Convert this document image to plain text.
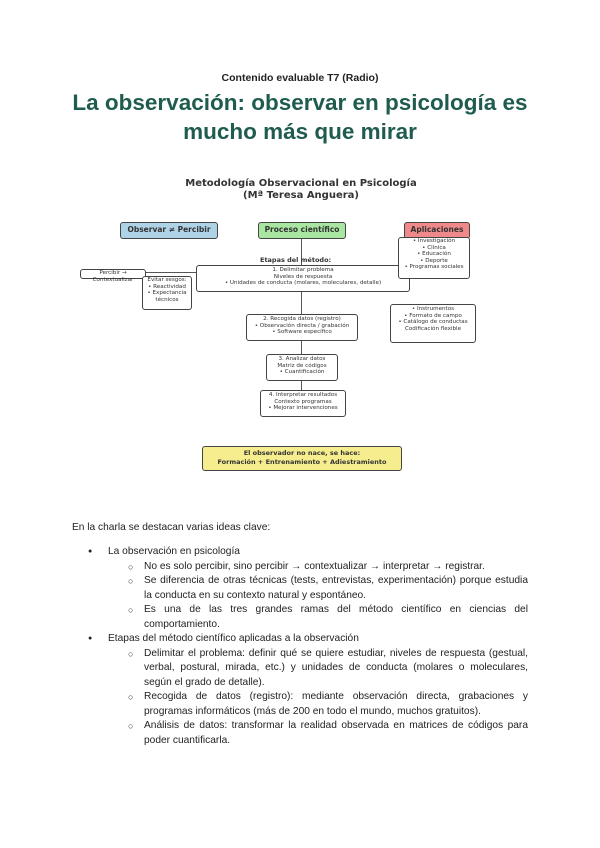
Contenido evaluable T7 (Radio)
La observación: observar en psicología es mucho más que mirar
Metodología Observacional en Psicología
(Mª Teresa Anguera)
Observar ≠ Percibir	Proceso científico	Aplicaciones
Percibir → Contextualizar	Evitar sesgos:
• Reactividad
• Expectancia
técnicos
Etapas del método:
1. Delimitar problema
Niveles de respuesta
• Unidades de conducta (molares, moleculares, detalle)
• Investigación
• Clínica
• Educación
• Deporte
• Programas sociales
2. Recogida datos (registro)
• Observación directa / grabación
• Software específico
• Instrumentos
• Formato de campo
• Catálogo de conductas
Codificación flexible
3. Analizar datos
Matriz de códigos
• Cuantificación
4. Interpretar resultados
Contexto programas
• Mejorar intervenciones
El observador no nace, se hace:
Formación + Entrenamiento + Adiestramiento
En la charla se destacan varias ideas clave:
● La observación en psicología
○ No es solo percibir, sino percibir → contextualizar → interpretar → registrar.
○ Se diferencia de otras técnicas (tests, entrevistas, experimentación) porque estudia la conducta en su contexto natural y espontáneo.
○ Es una de las tres grandes ramas del método científico en ciencias del comportamiento.
● Etapas del método científico aplicadas a la observación
○ Delimitar el problema: definir qué se quiere estudiar, niveles de respuesta (gestual, verbal, postural, mirada, etc.) y unidades de conducta (molares o moleculares, según el grado de detalle).
○ Recogida de datos (registro): mediante observación directa, grabaciones y programas informáticos (más de 200 en todo el mundo, muchos gratuitos).
○ Análisis de datos: transformar la realidad observada en matrices de códigos para poder cuantificarla.
